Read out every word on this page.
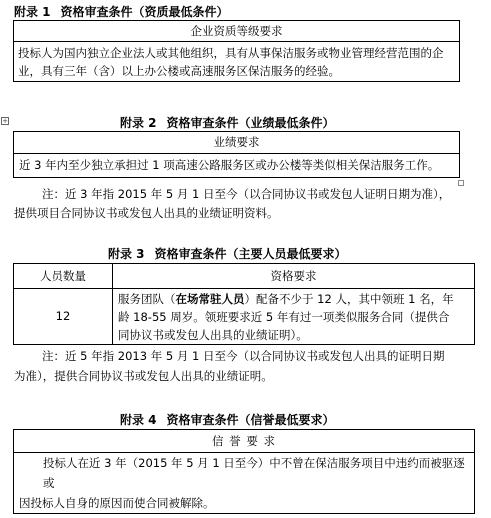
附录 1 资格审查条件（资质最低条件）
企业资质等级要求
投标人为国内独立企业法人或其他组织，具有从事保洁服务或物业管理经营范围的企业，具有三年（含）以上办公楼或高速服务区保洁服务的经验。
+	附录 2 资格审查条件（业绩最低条件）
业绩要求
近 3 年内至少独立承担过 1 项高速公路服务区或办公楼等类似相关保洁服务工作。
注：近 3 年指 2015 年 5 月 1 日至今（以合同协议书或发包人证明日期为准），
提供项目合同协议书或发包人出具的业绩证明资料。
附录 3 资格审查条件（主要人员最低要求）
人员数量	资格要求
12	服务团队（在场常驻人员）配备不少于 12 人，其中领班 1 名，年
龄 18-55 周岁。领班要求近 5 年有过一项类似服务合同（提供合
同协议书或发包人出具的业绩证明）。
注：近 5 年指 2013 年 5 月 1 日至今（以合同协议书或发包人出具的证明日期
为准），提供合同协议书或发包人出具的业绩证明。
附录 4 资格审查条件（信誉最低要求）
信 誉 要 求

投标人在近 3 年（2015 年 5 月 1 日至今）中不曾在保洁服务项目中违约而被驱逐或
因投标人自身的原因而使合同被解除。
